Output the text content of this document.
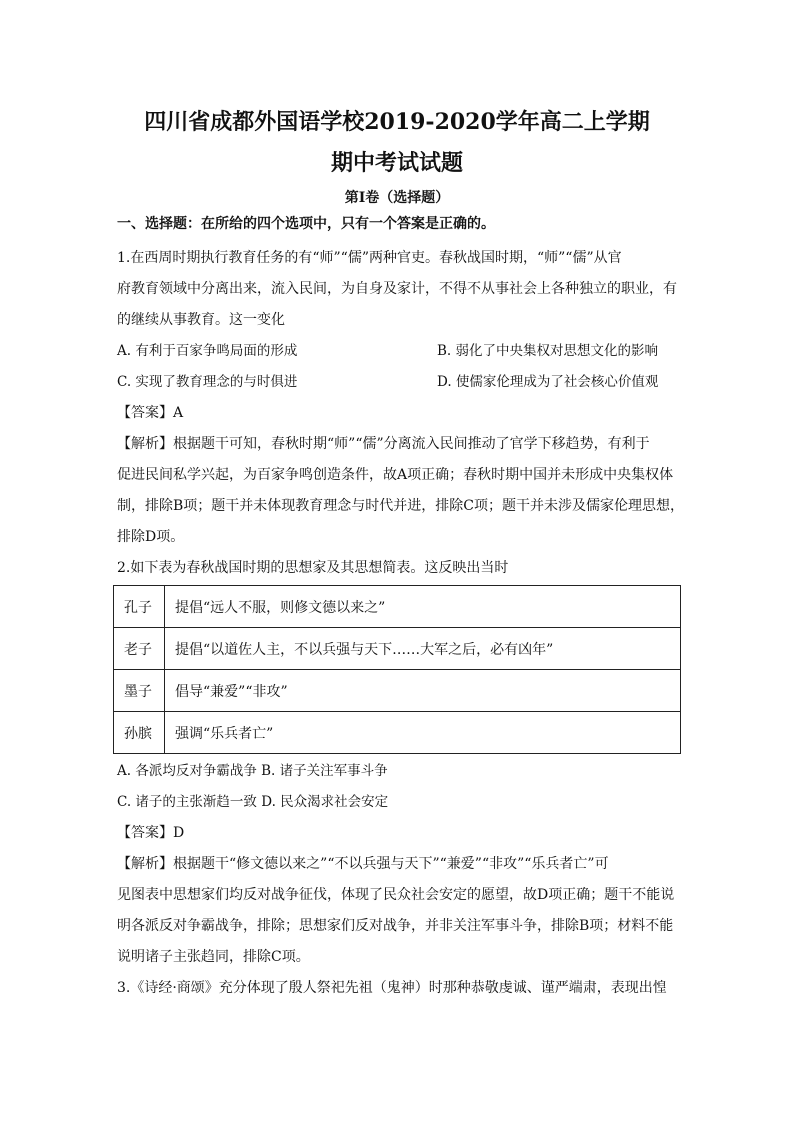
四川省成都外国语学校2019-2020学年高二上学期
期中考试试题
第Ⅰ卷（选择题）
一、选择题：在所给的四个选项中，只有一个答案是正确的。
1.在西周时期执行教育任务的有“师”“儒”两种官吏。春秋战国时期，“师”“儒”从官
府教育领域中分离出来，流入民间，为自身及家计，不得不从事社会上各种独立的职业，有
的继续从事教育。这一变化
A. 有利于百家争鸣局面的形成	B. 弱化了中央集权对思想文化的影响
C. 实现了教育理念的与时俱进	D. 使儒家伦理成为了社会核心价值观
【答案】A
【解析】根据题干可知，春秋时期“师”“儒”分离流入民间推动了官学下移趋势，有利于
促进民间私学兴起，为百家争鸣创造条件，故A项正确；春秋时期中国并未形成中央集权体
制，排除B项；题干并未体现教育理念与时代并进，排除C项；题干并未涉及儒家伦理思想，
排除D项。
2.如下表为春秋战国时期的思想家及其思想简表。这反映出当时
孔子	提倡“远人不服，则修文德以来之”
老子	提倡“以道佐人主，不以兵强与天下……大军之后，必有凶年”
墨子	倡导“兼爱”“非攻”
孙膑	强调“乐兵者亡”
A. 各派均反对争霸战争 B. 诸子关注军事斗争
C. 诸子的主张渐趋一致 D. 民众渴求社会安定
【答案】D
【解析】根据题干“修文德以来之”“不以兵强与天下”“兼爱”“非攻”“乐兵者亡”可
见图表中思想家们均反对战争征伐，体现了民众社会安定的愿望，故D项正确；题干不能说
明各派反对争霸战争，排除；思想家们反对战争，并非关注军事斗争，排除B项；材料不能
说明诸子主张趋同，排除C项。
3.《诗经·商颂》充分体现了殷人祭祀先祖（鬼神）时那种恭敬虔诚、谨严端肃，表现出惶
